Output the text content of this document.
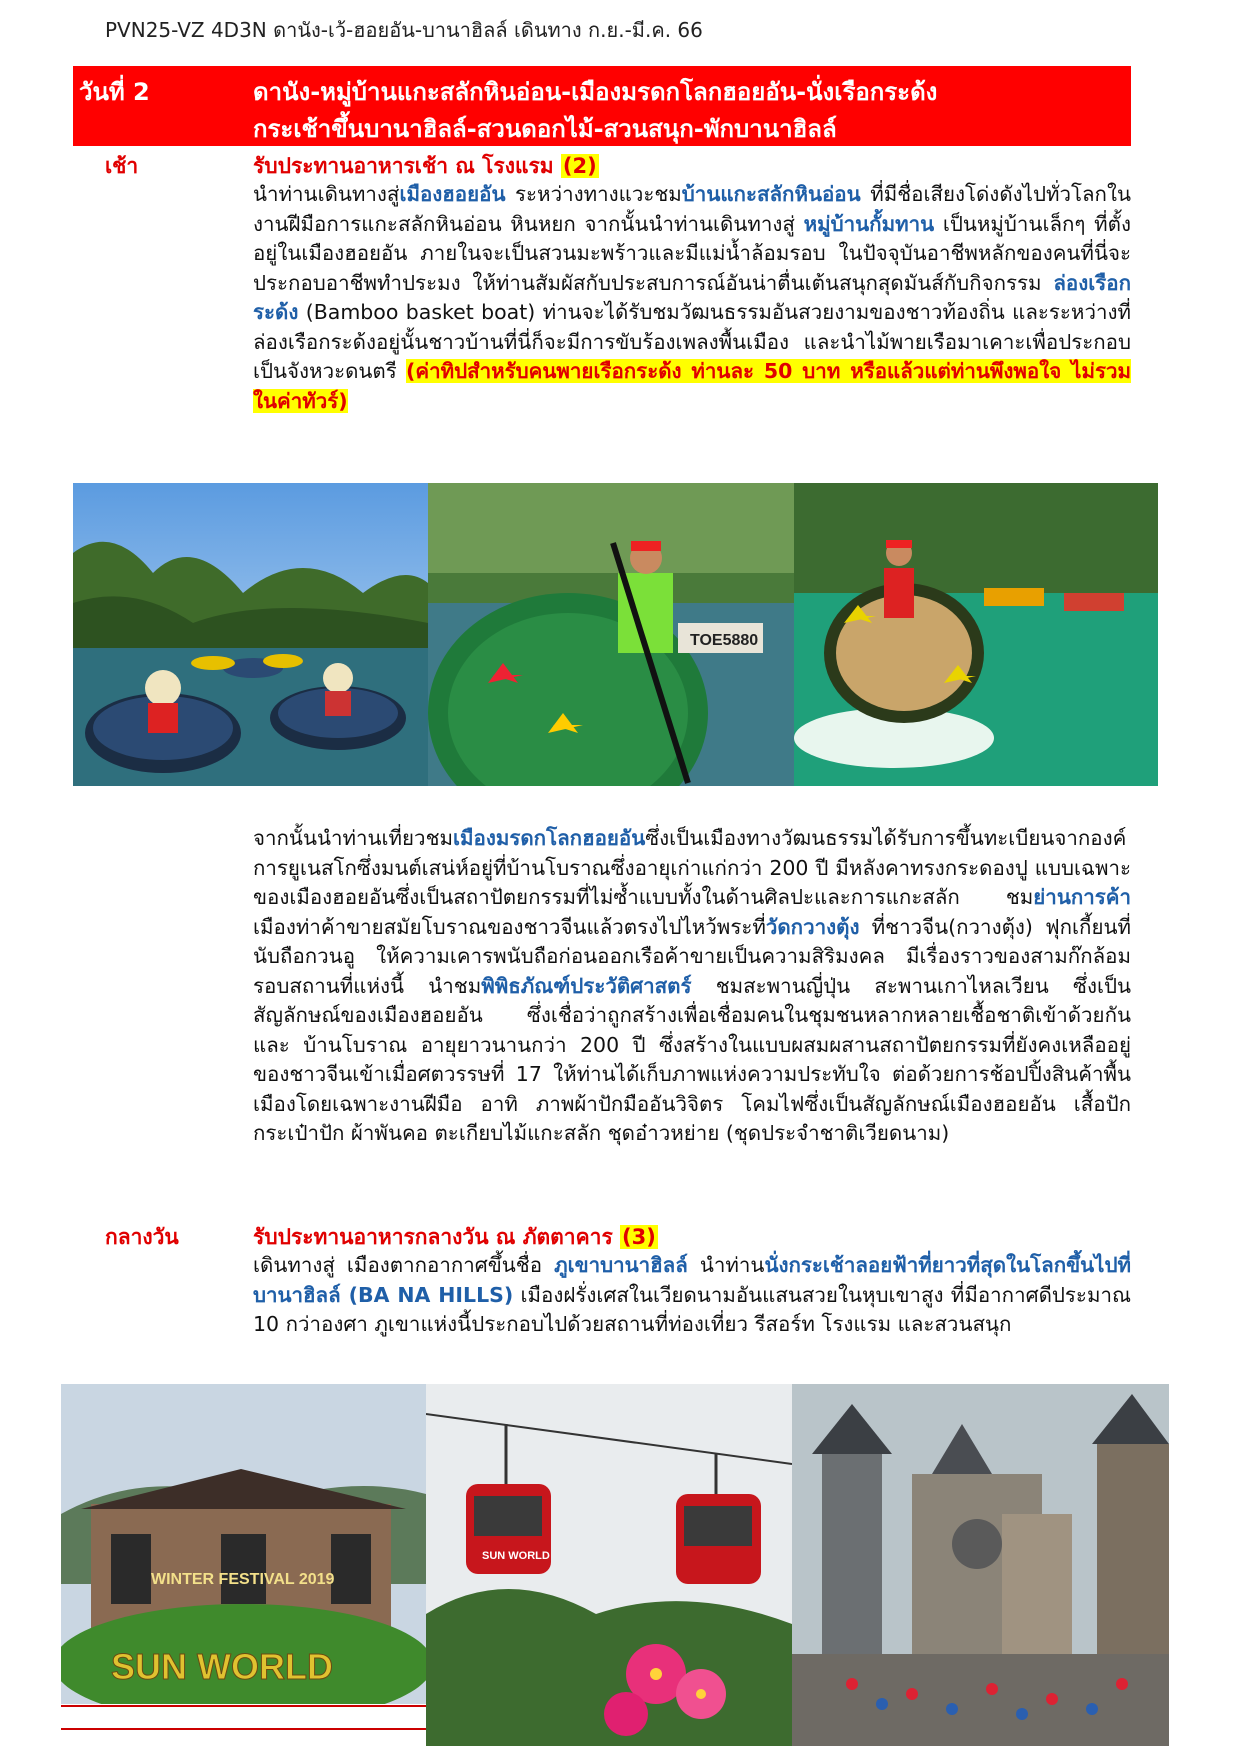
PVN25-VZ 4D3N ดานัง-เว้-ฮอยอัน-บานาฮิลล์ เดินทาง ก.ย.-มี.ค. 66
วันที่ 2	ดานัง-หมู่บ้านแกะสลักหินอ่อน-เมืองมรดกโลกฮอยอัน-นั่งเรือกระด้ง
กระเช้าขึ้นบานาฮิลล์-สวนดอกไม้-สวนสนุก-พักบานาฮิลล์
เช้า	รับประทานอาหารเช้า ณ โรงแรม (2)
นำท่านเดินทางสู่เมืองฮอยอัน ระหว่างทางแวะชมบ้านแกะสลักหินอ่อน ที่มีชื่อเสียงโด่งดังไปทั่วโลกในงานฝีมือการแกะสลักหินอ่อน หินหยก จากนั้นนำท่านเดินทางสู่ หมู่บ้านกั้มทาน เป็นหมู่บ้านเล็กๆ ที่ตั้งอยู่ในเมืองฮอยอัน ภายในจะเป็นสวนมะพร้าวและมีแม่น้ำล้อมรอบ ในปัจจุบันอาชีพหลักของคนที่นี่จะประกอบอาชีพทำประมง ให้ท่านสัมผัสกับประสบการณ์อันน่าตื่นเต้นสนุกสุดมันส์กับกิจกรรม ล่องเรือกระด้ง (Bamboo basket boat) ท่านจะได้รับชมวัฒนธรรมอันสวยงามของชาวท้องถิ่น และระหว่างที่ล่องเรือกระด้งอยู่นั้นชาวบ้านที่นี่ก็จะมีการขับร้องเพลงพื้นเมือง และนำไม้พายเรือมาเคาะเพื่อประกอบเป็นจังหวะดนตรี (ค่าทิปสำหรับคนพายเรือกระด้ง ท่านละ 50 บาท หรือแล้วแต่ท่านพึงพอใจ ไม่รวมในค่าทัวร์)
TOE5880
จากนั้นนำท่านเที่ยวชมเมืองมรดกโลกฮอยอันซึ่งเป็นเมืองทางวัฒนธรรมได้รับการขึ้นทะเบียนจากองค์การยูเนสโกซึ่งมนต์เสน่ห์อยู่ที่บ้านโบราณซึ่งอายุเก่าแก่กว่า 200 ปี มีหลังคาทรงกระดองปู แบบเฉพาะของเมืองฮอยอันซึ่งเป็นสถาปัตยกรรมที่ไม่ซ้ำแบบทั้งในด้านศิลปะและการแกะสลัก ชมย่านการค้าเมืองท่าค้าขายสมัยโบราณของชาวจีนแล้วตรงไปไหว้พระที่วัดกวางตุ้ง ที่ชาวจีน(กวางตุ้ง) ฟุกเกี้ยนที่นับถือกวนอู ให้ความเคารพนับถือก่อนออกเรือค้าขายเป็นความสิริมงคล มีเรื่องราวของสามก๊กล้อมรอบสถานที่แห่งนี้ นำชมพิพิธภัณฑ์ประวัติศาสตร์ ชมสะพานญี่ปุ่น สะพานเกาไหลเวียน ซึ่งเป็นสัญลักษณ์ของเมืองฮอยอัน ซึ่งเชื่อว่าถูกสร้างเพื่อเชื่อมคนในชุมชนหลากหลายเชื้อชาติเข้าด้วยกัน และ บ้านโบราณ อายุยาวนานกว่า 200 ปี ซึ่งสร้างในแบบผสมผสานสถาปัตยกรรมที่ยังคงเหลืออยู่ของชาวจีนเข้าเมื่อศตวรรษที่ 17 ให้ท่านได้เก็บภาพแห่งความประทับใจ ต่อด้วยการช้อปปิ้งสินค้าพื้นเมืองโดยเฉพาะงานฝีมือ อาทิ ภาพผ้าปักมืออันวิจิตร โคมไฟซึ่งเป็นสัญลักษณ์เมืองฮอยอัน เสื้อปัก กระเป๋าปัก ผ้าพันคอ ตะเกียบไม้แกะสลัก ชุดอ๋าวหย่าย (ชุดประจำชาติเวียดนาม)
กลางวัน	รับประทานอาหารกลางวัน ณ ภัตตาคาร (3)
เดินทางสู่ เมืองตากอากาศขึ้นชื่อ ภูเขาบานาฮิลล์ นำท่านนั่งกระเช้าลอยฟ้าที่ยาวที่สุดในโลกขึ้นไปที่บานาฮิลล์ (BA NA HILLS) เมืองฝรั่งเศสในเวียดนามอันแสนสวยในหุบเขาสูง ที่มีอากาศดีประมาณ 10 กว่าองศา ภูเขาแห่งนี้ประกอบไปด้วยสถานที่ท่องเที่ยว รีสอร์ท โรงแรม และสวนสนุก
WINTER FESTIVAL 2019
SUN WORLD
SUN WORLD
